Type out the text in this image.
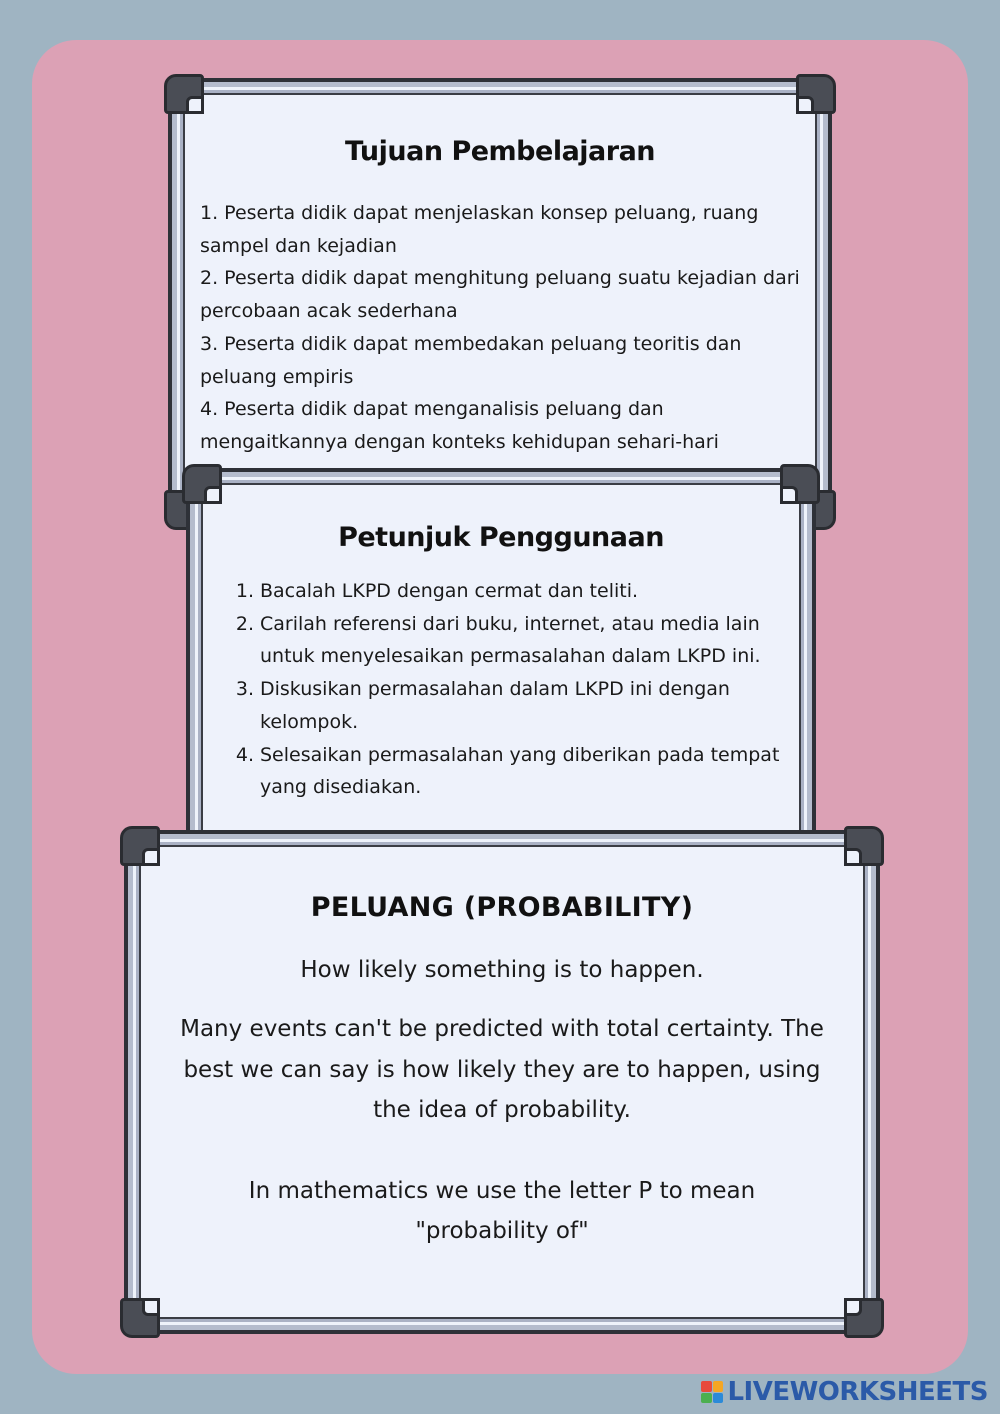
Tujuan Pembelajaran
1. Peserta didik dapat menjelaskan konsep peluang, ruang sampel dan kejadian
2. Peserta didik dapat menghitung peluang suatu kejadian dari percobaan acak sederhana
3. Peserta didik dapat membedakan peluang teoritis dan peluang empiris
4. Peserta didik dapat menganalisis peluang dan mengaitkannya dengan konteks kehidupan sehari-hari
Petunjuk Penggunaan
1. Bacalah LKPD dengan cermat dan teliti.
2. Carilah referensi dari buku, internet, atau media lain untuk menyelesaikan permasalahan dalam LKPD ini.
3. Diskusikan permasalahan dalam LKPD ini dengan kelompok.
4. Selesaikan permasalahan yang diberikan pada tempat yang disediakan.
PELUANG (PROBABILITY)
How likely something is to happen.
Many events can't be predicted with total certainty. The best we can say is how likely they are to happen, using the idea of probability.
In mathematics we use the letter P to mean "probability of"
LIVEWORKSHEETS
